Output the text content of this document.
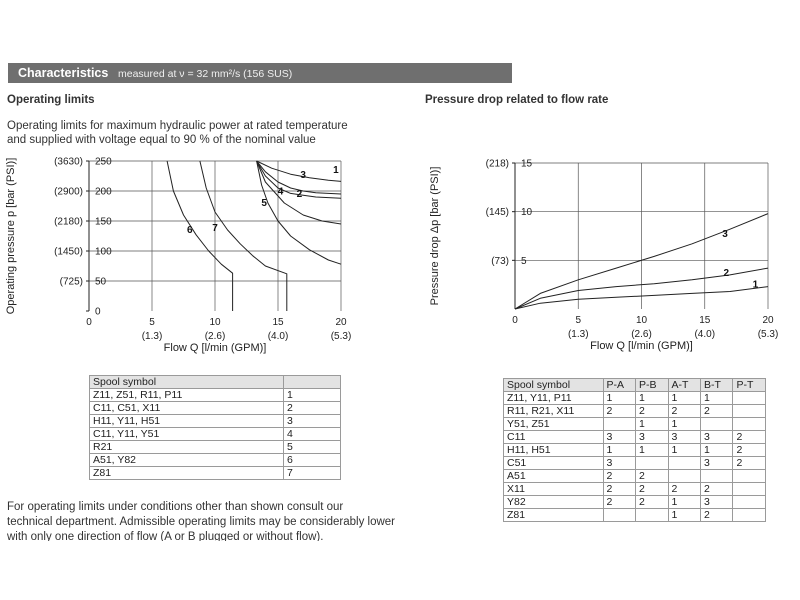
Characteristics measured at ν = 32 mm²/s (156 SUS)
Operating limits
Operating limits for maximum hydraulic power at rated temperature
and supplied with voltage equal to 90 % of the nominal value
0	5	10	15	20
(1.3)	(2.6)	(4.0)	(5.3)
250
200
150
100
50
0
(3630)
(2900)
(2180)
(1450)
(725)
Flow Q [l/min (GPM)]
Operating pressure p [bar (PSI)]	1
2
3
4
5
6 7
Pressure drop related to flow rate
0	5	10	15	20
(1.3)	(2.6)	(4.0)	(5.3)
15
10
5
(218)
(145)
(73)
Flow Q [l/min (GPM)]
Pressure drop Δp [bar (PSI)]	1
2
3
Spool symbol	
Z11, Z51, R11, P11	1
C11, C51, X11	2
H11, Y11, H51	3
C11, Y11, Y51	4
R21	5
A51, Y82	6
Z81	7
Spool symbol	P-A	P-B	A-T	B-T	P-T
Z11, Y11, P11	1	1	1	1	
R11, R21, X11	2	2	2	2	
Y51, Z51		1	1		
C11	3	3	3	3	2
H11, H51	1	1	1	1	2
C51	3			3	2
A51	2	2			
X11	2	2	2	2	
Y82	2	2	1	3	
Z81			1	2	
For operating limits under conditions other than shown consult our
technical department. Admissible operating limits may be considerably lower
with only one direction of flow (A or B plugged or without flow).
